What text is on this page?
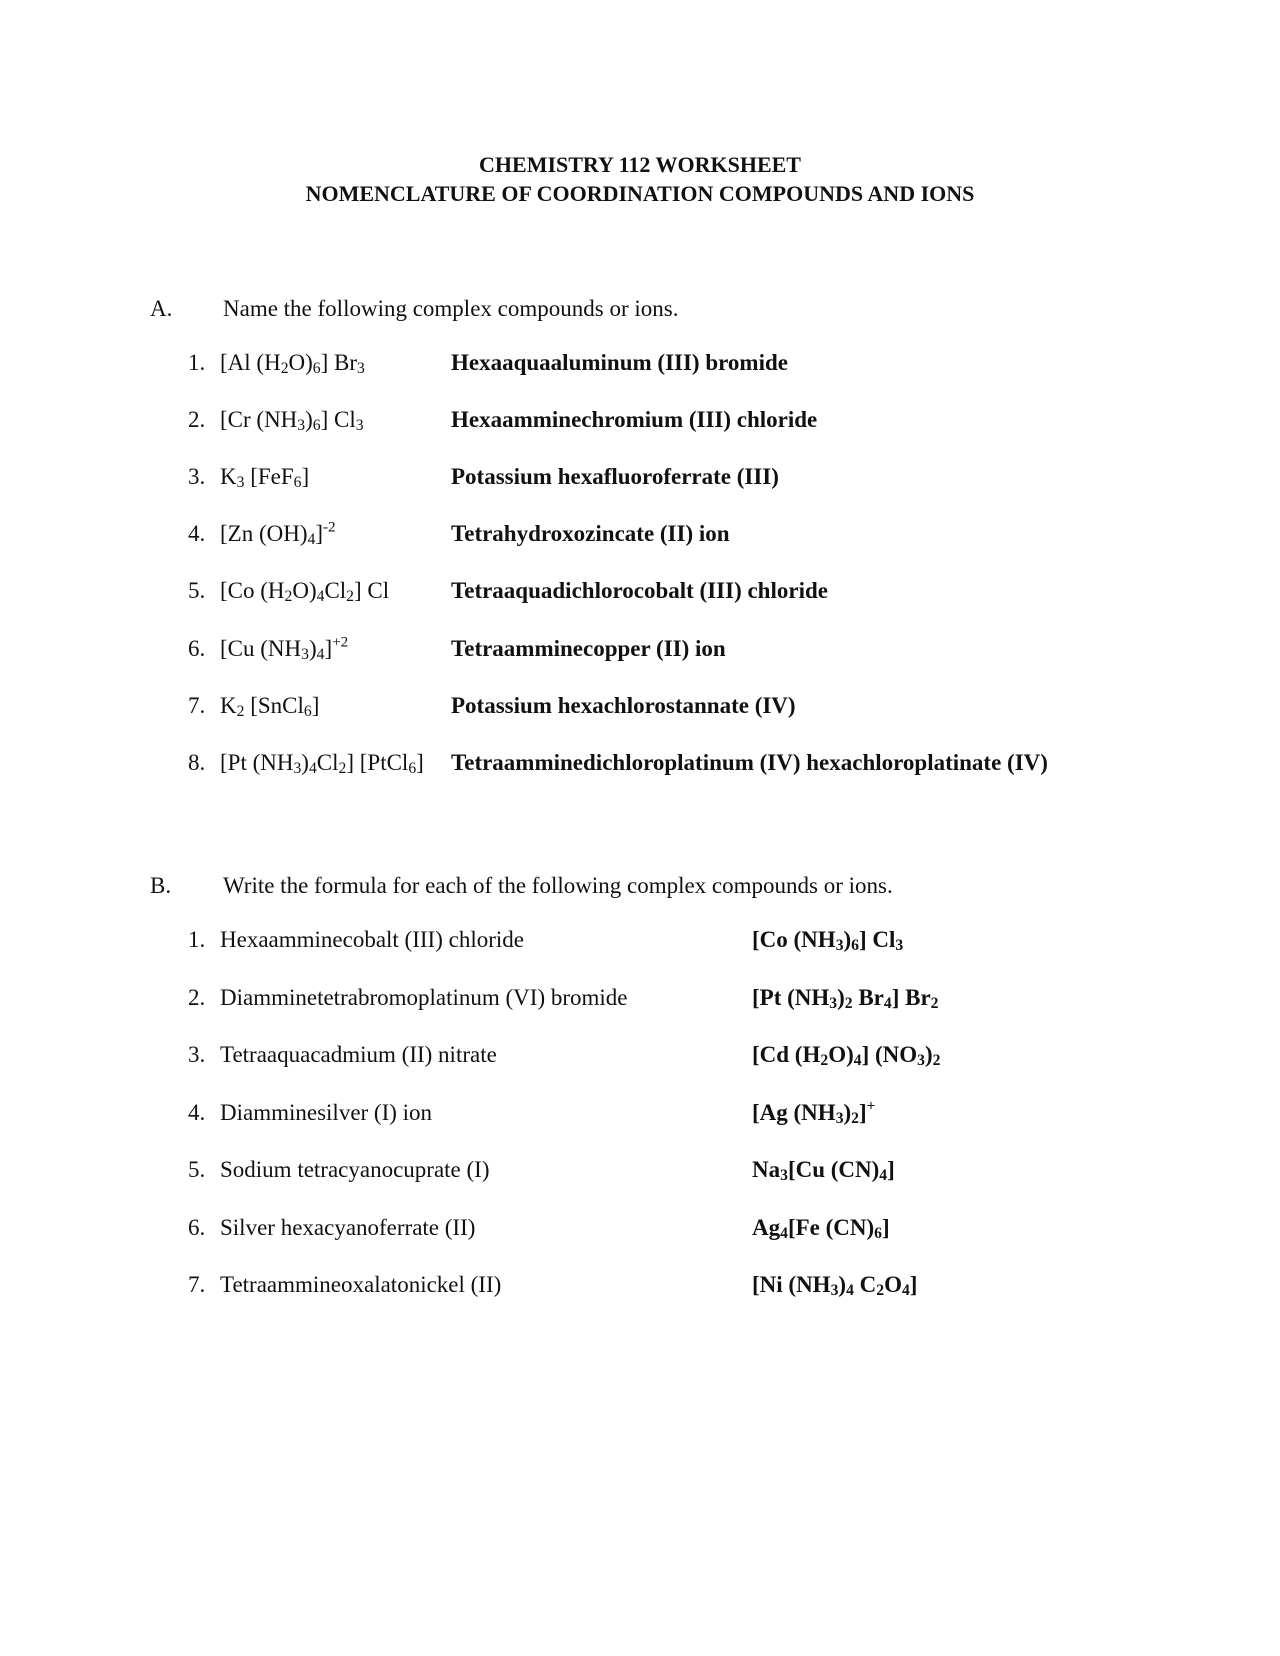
CHEMISTRY 112 WORKSHEET
NOMENCLATURE OF COORDINATION COMPOUNDS AND IONS
A. Name the following complex compounds or ions.
1. [Al $(H_2O)_6$] $Br_3$	Hexaaquaaluminum (III) bromide
2. [Cr $(NH_3)_6$] $Cl_3$	Hexaamminechromium (III) chloride
3. $K_3$ [FeF$_6$]	Potassium hexafluoroferrate (III)
4. [Zn $(OH)_4]^{-2}$	Tetrahydroxozincate (II) ion
5. [Co $(H_2O)_4Cl_2$] Cl	Tetraaquadichlorocobalt (III) chloride
6. [Cu $(NH_3)_4]^{+2}$	Tetraamminecopper (II) ion
7. $K_2$ [SnCl$_6$]	Potassium hexachlorostannate (IV)
8. [Pt $(NH_3)_4Cl_2$] [PtCl$_6$] Tetraamminedichloroplatinum (IV) hexachloroplatinate (IV)
B. Write the formula for each of the following complex compounds or ions.
1. Hexaamminecobalt (III) chloride	[Co $(NH_3)_6$] $Cl_3$
2. Diamminetetrabromoplatinum (VI) bromide	[Pt $(NH_3)_2$ $Br_4$] $Br_2$
3. Tetraaquacadmium (II) nitrate	[Cd $(H_2O)_4$] $(NO_3)_2$
4. Diamminesilver (I) ion	[Ag $(NH_3)_2]^+$
5. Sodium tetracyanocuprate (I)	$Na_3[Cu$ $(CN)_4$]
6. Silver hexacyanoferrate (II)	$Ag_4[Fe$ $(CN)_6$]
7. Tetraammineoxalatonickel (II)	[Ni $(NH_3)_4$ $C_2O_4$]
